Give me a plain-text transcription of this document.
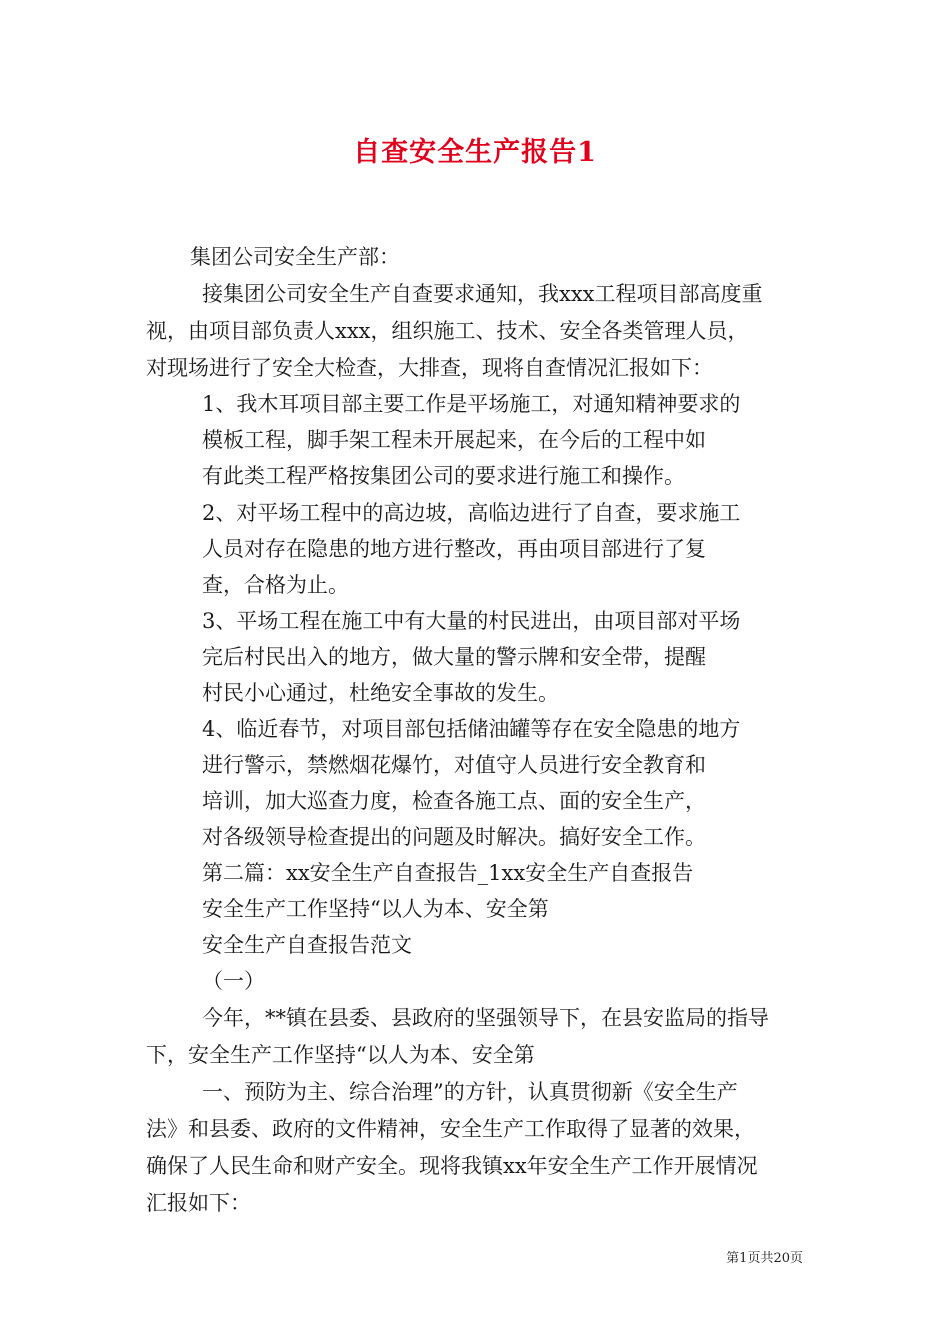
自查安全生产报告1
集团公司安全生产部：
接集团公司安全生产自查要求通知，我xxx工程项目部高度重
视，由项目部负责人xxx，组织施工、技术、安全各类管理人员，
对现场进行了安全大检查，大排查，现将自查情况汇报如下：
1、我木耳项目部主要工作是平场施工，对通知精神要求的
模板工程，脚手架工程未开展起来，在今后的工程中如
有此类工程严格按集团公司的要求进行施工和操作。
2、对平场工程中的高边坡，高临边进行了自查，要求施工
人员对存在隐患的地方进行整改，再由项目部进行了复
查，合格为止。
3、平场工程在施工中有大量的村民进出，由项目部对平场
完后村民出入的地方，做大量的警示牌和安全带，提醒
村民小心通过，杜绝安全事故的发生。
4、临近春节，对项目部包括储油罐等存在安全隐患的地方
进行警示，禁燃烟花爆竹，对值守人员进行安全教育和
培训，加大巡查力度，检查各施工点、面的安全生产，
对各级领导检查提出的问题及时解决。搞好安全工作。
第二篇：xx安全生产自查报告_1xx安全生产自查报告
安全生产工作坚持“以人为本、安全第
安全生产自查报告范文
（一）
今年，**镇在县委、县政府的坚强领导下，在县安监局的指导
下，安全生产工作坚持“以人为本、安全第
一、预防为主、综合治理”的方针，认真贯彻新《安全生产
法》和县委、政府的文件精神，安全生产工作取得了显著的效果，
确保了人民生命和财产安全。现将我镇xx年安全生产工作开展情况
汇报如下：
第1页共20页
